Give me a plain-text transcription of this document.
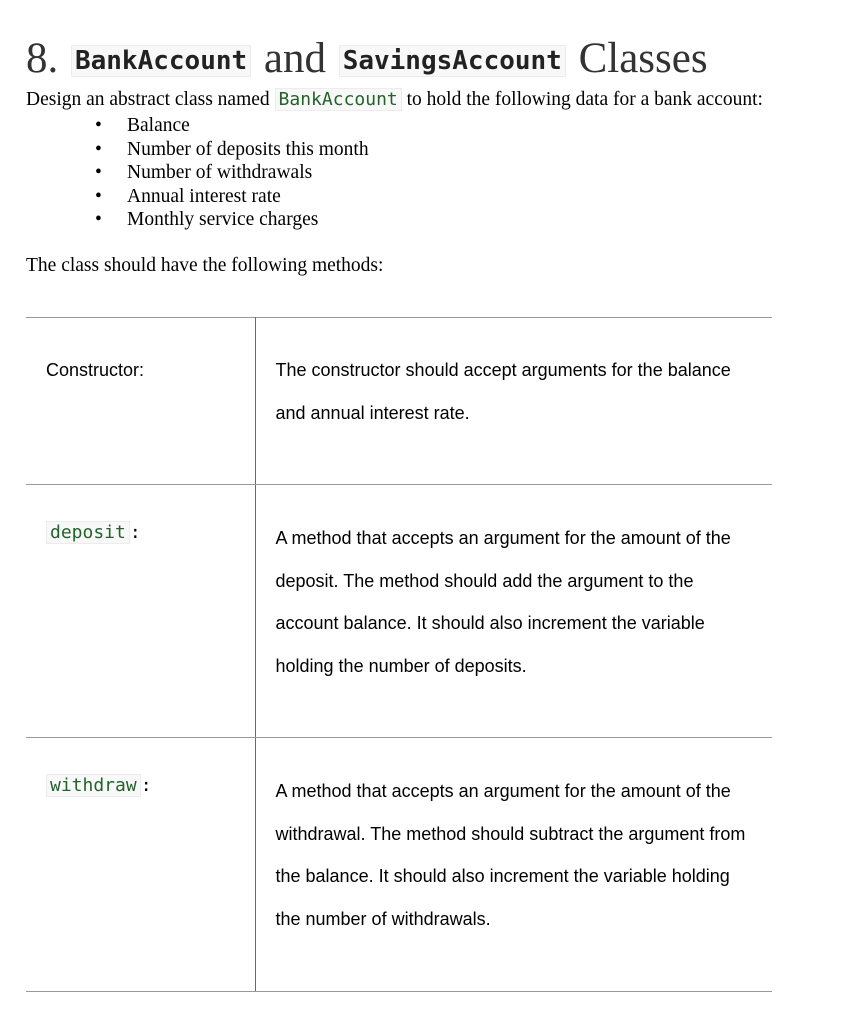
8. BankAccount and SavingsAccount Classes

Design an abstract class named BankAccount to hold the following data for a bank account:

• Balance
• Number of deposits this month
• Number of withdrawals
• Annual interest rate
• Monthly service charges

The class should have the following methods:

Constructor:	The constructor should accept arguments for the balance and annual interest rate.

deposit :	A method that accepts an argument for the amount of the deposit. The method should add the argument to the account balance. It should also increment the variable holding the number of deposits.

withdraw :	A method that accepts an argument for the amount of the withdrawal. The method should subtract the argument from the balance. It should also increment the variable holding the number of withdrawals.
